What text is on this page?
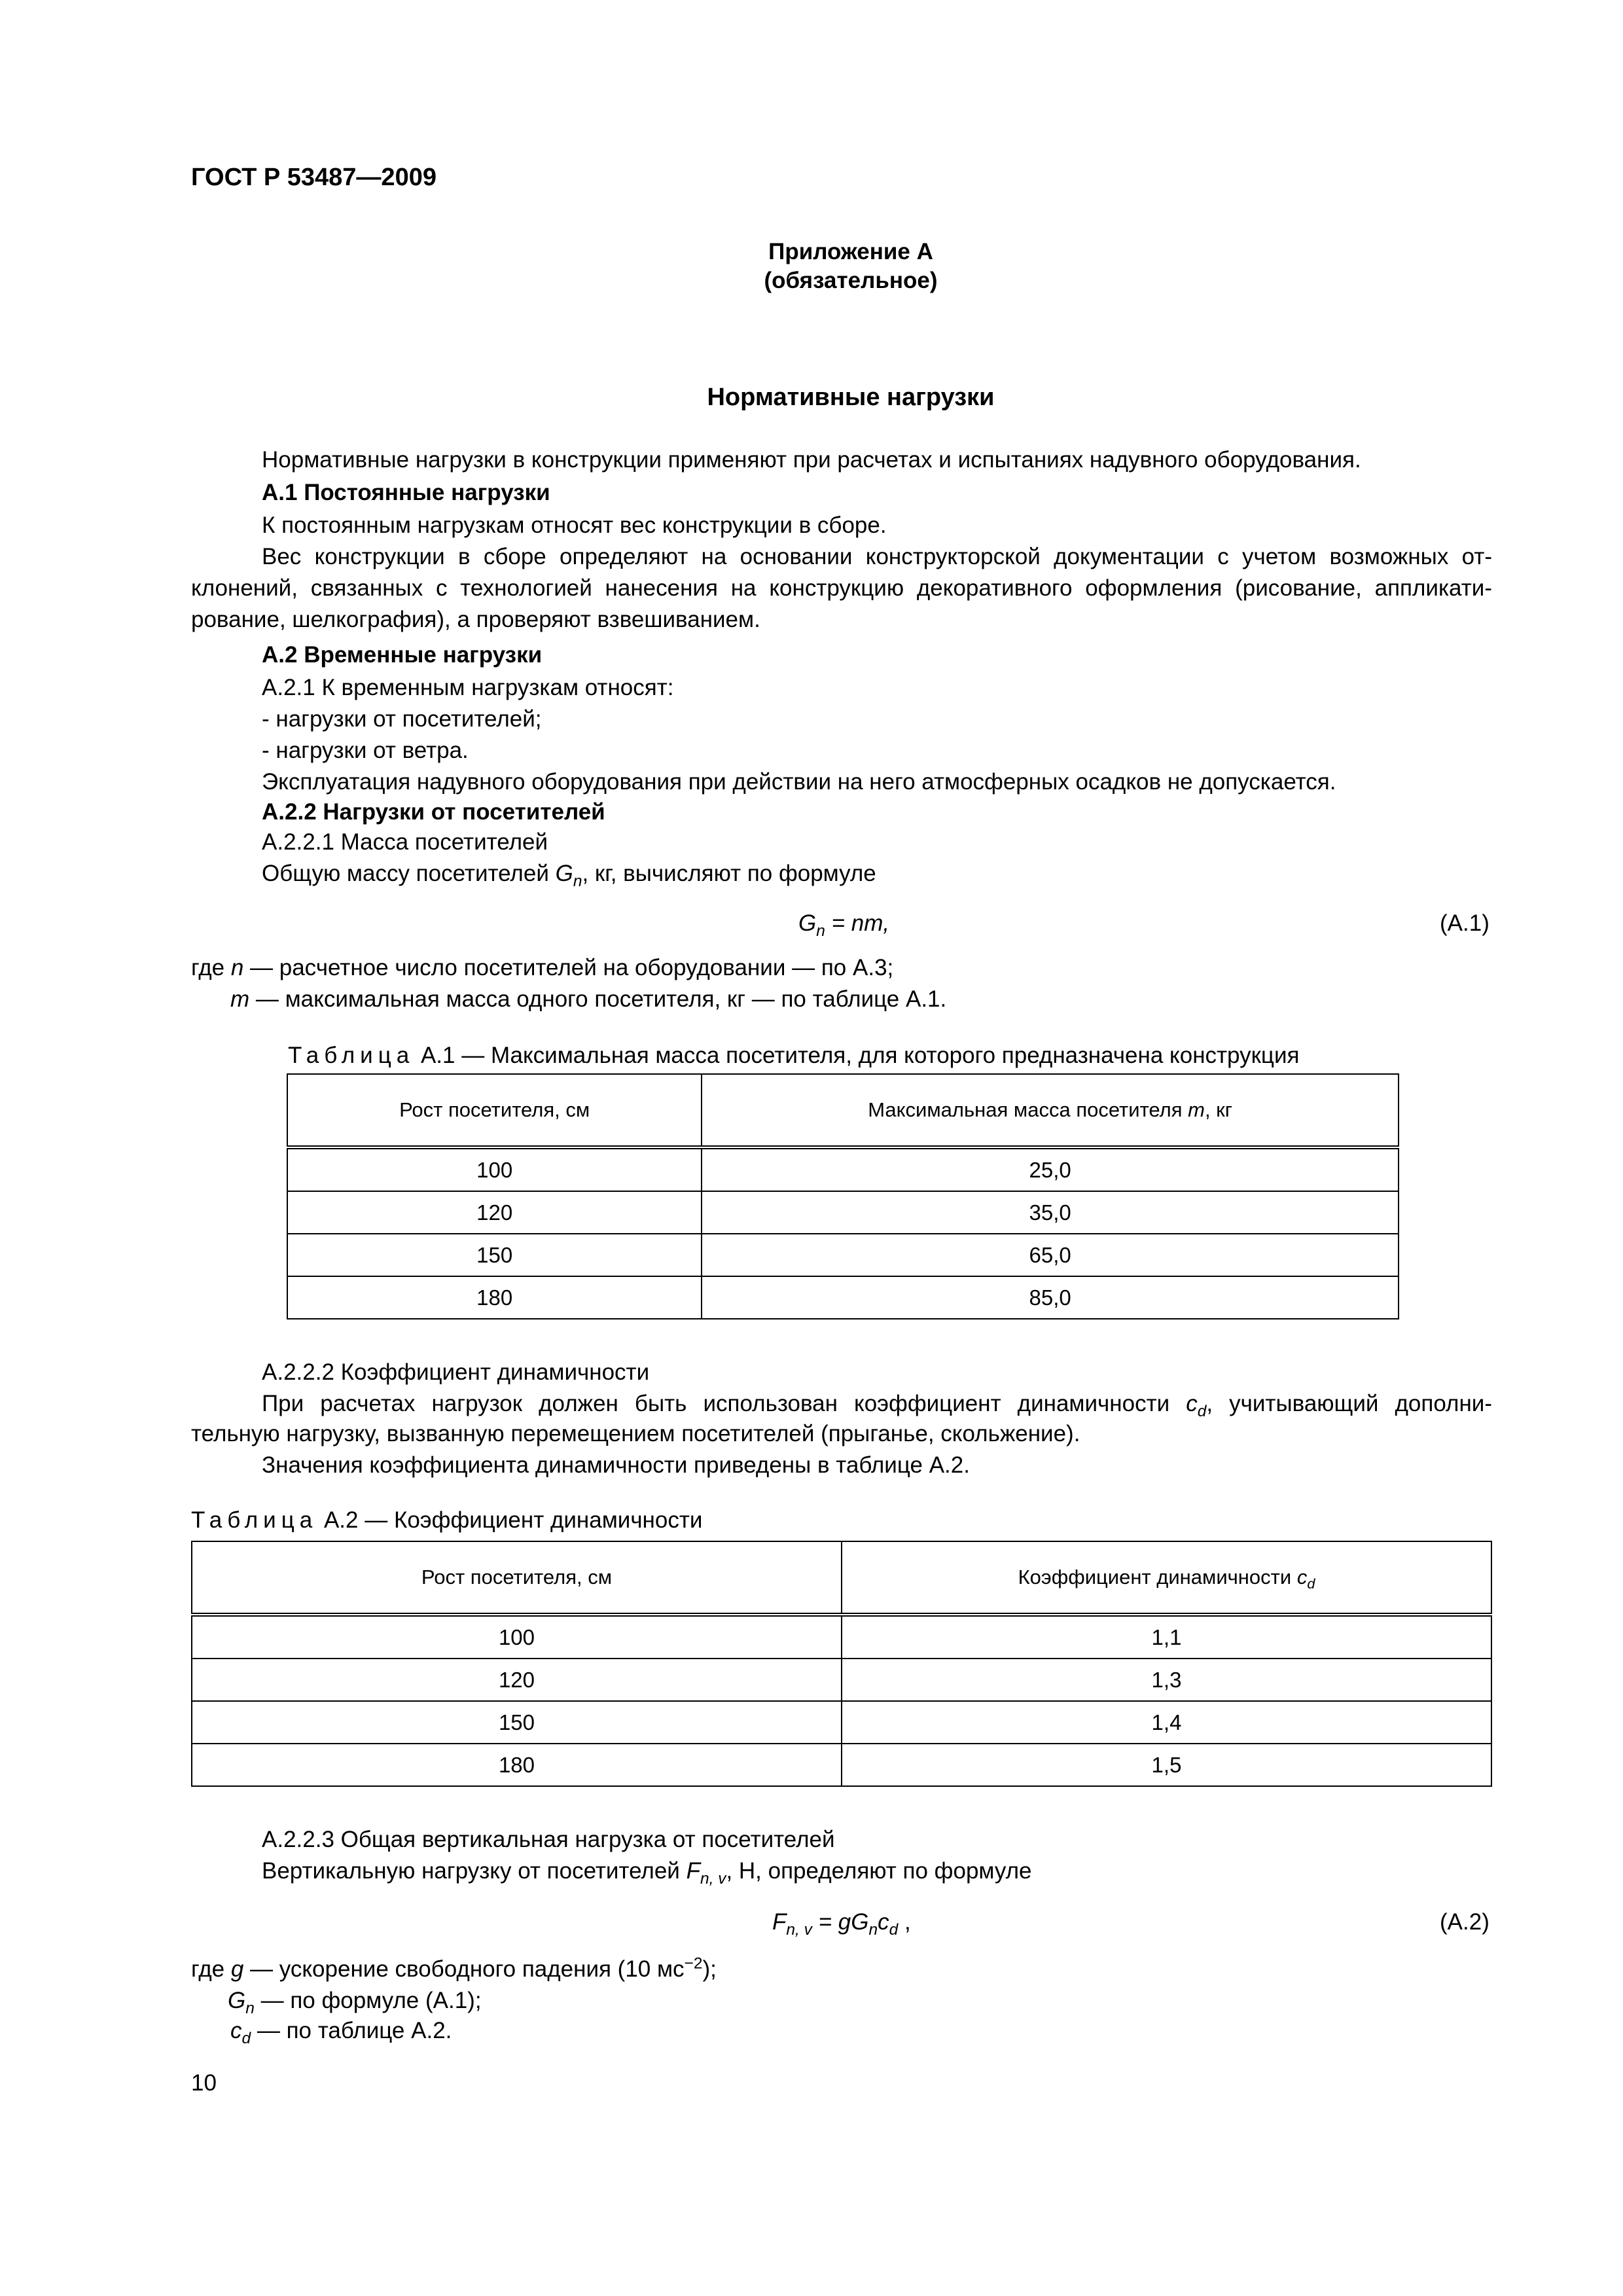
ГОСТ Р 53487—2009
Приложение А
(обязательное)
Нормативные нагрузки
Нормативные нагрузки в конструкции применяют при расчетах и испытаниях надувного оборудования.
А.1 Постоянные нагрузки
К постоянным нагрузкам относят вес конструкции в сборе.
Вес конструкции в сборе определяют на основании конструкторской документации с учетом возможных от-
клонений, связанных с технологией нанесения на конструкцию декоративного оформления (рисование, аппликати-
рование, шелкография), а проверяют взвешиванием.
А.2 Временные нагрузки
А.2.1 К временным нагрузкам относят:
- нагрузки от посетителей;
- нагрузки от ветра.
Эксплуатация надувного оборудования при действии на него атмосферных осадков не допускается.
А.2.2 Нагрузки от посетителей
А.2.2.1 Масса посетителей
Общую массу посетителей $G_n$, кг, вычисляют по формуле
$G_n$ = nm,	(А.1)
где n — расчетное число посетителей на оборудовании — по А.3;
m — максимальная масса одного посетителя, кг — по таблице А.1.
Таблица А.1 — Максимальная масса посетителя, для которого предназначена конструкция
Рост посетителя, см	Максимальная масса посетителя m, кг
100	25,0
120	35,0
150	65,0
180	85,0
А.2.2.2 Коэффициент динамичности
При расчетах нагрузок должен быть использован коэффициент динамичности $c_d$, учитывающий дополни-
тельную нагрузку, вызванную перемещением посетителей (прыганье, скольжение).
Значения коэффициента динамичности приведены в таблице А.2.
Таблица А.2 — Коэффициент динамичности
Рост посетителя, см	Коэффициент динамичности $c_d$
100	1,1
120	1,3
150	1,4
180	1,5
А.2.2.3 Общая вертикальная нагрузка от посетителей
Вертикальную нагрузку от посетителей $F_{n, v}$, Н, определяют по формуле
$F_{n, v} = gG_nc_d$ ,	(А.2)
где g — ускорение свободного падения (10 $мс^{-2}$);
$G_n$ — по формуле (А.1);
$c_d$ — по таблице А.2.
10
